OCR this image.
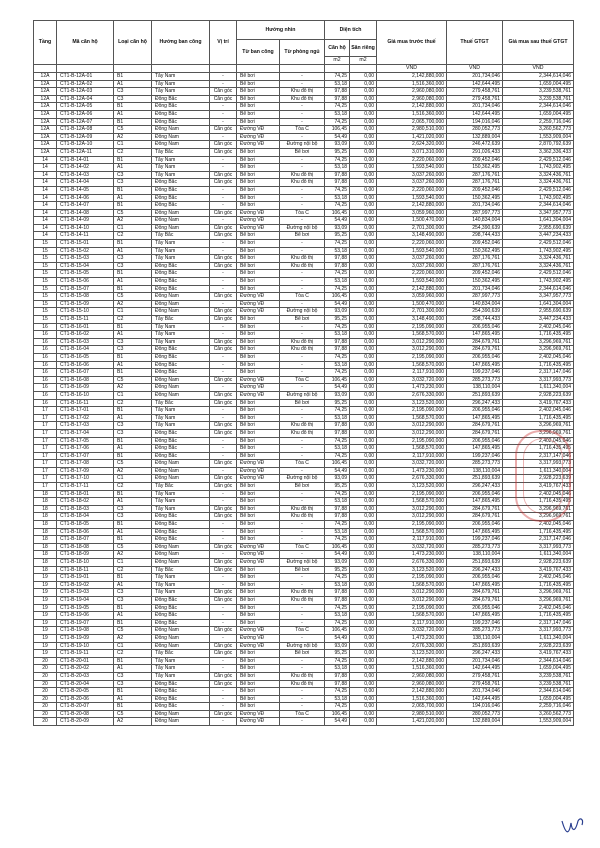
Tầng	Mã căn hộ	Loại căn hộ	Hướng ban công	Vị trí	Hướng nhìn		Diện tích		Giá mua trước thuế	Thuế GTGT	Giá mua sau thuế GTGT
					Từ ban công	Từ phòng ngủ	Căn hộ	Sân riêng			
							m2	m2			
									VND	VND	VND
12A	CT1-B-12A-01	B1	Tây Nam	-	Bể bơi	-	74,25	0,00	2,142,880,000	201,734,046	2,344,614,046
12A	CT1-B-12A-02	A1	Tây Nam	-	Bể bơi	-	53,18	0,00	1,516,360,000	142,644,495	1,659,004,495
12A	CT1-B-12A-03	C3	Tây Nam	Căn góc	Bể bơi	Khu đô thị	97,88	0,00	2,960,080,000	279,458,761	3,239,538,761
12A	CT1-B-12A-04	C3	Đông Bắc	Căn góc	Bể bơi	Khu đô thị	97,88	0,00	2,960,080,000	279,458,761	3,239,538,761
12A	CT1-B-12A-05	B1	Đông Bắc	-	Bể bơi	-	74,25	0,00	2,142,880,000	201,734,046	2,344,614,046
12A	CT1-B-12A-06	A1	Đông Bắc	-	Bể bơi	-	53,18	0,00	1,516,360,000	142,644,495	1,659,004,495
12A	CT1-B-12A-07	B1	Đông Bắc	-	Bể bơi	-	74,25	0,00	2,065,700,000	194,016,046	2,259,716,046
12A	CT1-B-12A-08	C5	Đông Nam	Căn góc	Đường VĐ	Tòa C	106,45	0,00	2,980,510,000	280,052,773	3,260,562,773
12A	CT1-B-12A-09	A2	Đông Nam	-	Đường VĐ	-	54,49	0,00	1,421,020,000	132,889,004	1,553,909,004
12A	CT1-B-12A-10	C1	Đông Nam	Căn góc	Đường VĐ	Đường nội bộ	93,09	0,00	2,624,320,000	246,472,639	2,870,792,639
12A	CT1-B-12A-11	C2	Tây Bắc	Căn góc	Bể bơi	Bể bơi	95,25	0,00	3,071,310,000	291,026,433	3,362,336,433
14	CT1-B-14-01	B1	Tây Nam	-	Bể bơi	-	74,25	0,00	2,220,060,000	209,452,046	2,429,512,046
14	CT1-B-14-02	A1	Tây Nam	-	Bể bơi	-	53,18	0,00	1,593,540,000	150,362,495	1,743,902,495
14	CT1-B-14-03	C3	Tây Nam	Căn góc	Bể bơi	Khu đô thị	97,88	0,00	3,037,260,000	287,176,761	3,324,436,761
14	CT1-B-14-04	C3	Đông Bắc	Căn góc	Bể bơi	Khu đô thị	97,88	0,00	3,037,260,000	287,176,761	3,324,436,761
14	CT1-B-14-05	B1	Đông Bắc	-	Bể bơi	-	74,25	0,00	2,220,060,000	209,452,046	2,429,512,046
14	CT1-B-14-06	A1	Đông Bắc	-	Bể bơi	-	53,18	0,00	1,593,540,000	150,362,495	1,743,902,495
14	CT1-B-14-07	B1	Đông Bắc	-	Bể bơi	-	74,25	0,00	2,142,880,000	201,734,046	2,344,614,046
14	CT1-B-14-08	C5	Đông Nam	Căn góc	Đường VĐ	Tòa C	106,45	0,00	3,059,960,000	287,997,773	3,347,957,773
14	CT1-B-14-09	A2	Đông Nam	-	Đường VĐ	-	54,49	0,00	1,500,470,000	140,834,004	1,641,304,004
14	CT1-B-14-10	C1	Đông Nam	Căn góc	Đường VĐ	Đường nội bộ	93,09	0,00	2,701,300,000	254,390,639	2,955,690,639
14	CT1-B-14-11	C2	Tây Bắc	Căn góc	Bể bơi	Bể bơi	95,25	0,00	3,148,490,000	298,744,433	3,447,234,433
15	CT1-B-15-01	B1	Tây Nam	-	Bể bơi	-	74,25	0,00	2,220,060,000	209,452,046	2,429,512,046
15	CT1-B-15-02	A1	Tây Nam	-	Bể bơi	-	53,18	0,00	1,593,540,000	150,362,495	1,743,902,495
15	CT1-B-15-03	C3	Tây Nam	Căn góc	Bể bơi	Khu đô thị	97,88	0,00	3,037,260,000	287,176,761	3,324,436,761
15	CT1-B-15-04	C3	Đông Bắc	Căn góc	Bể bơi	Khu đô thị	97,88	0,00	3,037,260,000	287,176,761	3,324,436,761
15	CT1-B-15-05	B1	Đông Bắc	-	Bể bơi	-	74,25	0,00	2,220,060,000	209,452,046	2,429,512,046
15	CT1-B-15-06	A1	Đông Bắc	-	Bể bơi	-	53,18	0,00	1,593,540,000	150,362,495	1,743,902,495
15	CT1-B-15-07	B1	Đông Bắc	-	Bể bơi	-	74,25	0,00	2,142,880,000	201,734,046	2,344,614,046
15	CT1-B-15-08	C5	Đông Nam	Căn góc	Đường VĐ	Tòa C	106,45	0,00	3,059,960,000	287,997,773	3,347,957,773
15	CT1-B-15-09	A2	Đông Nam	-	Đường VĐ	-	54,49	0,00	1,500,470,000	140,834,004	1,641,304,004
15	CT1-B-15-10	C1	Đông Nam	Căn góc	Đường VĐ	Đường nội bộ	93,09	0,00	2,701,300,000	254,390,639	2,955,690,639
15	CT1-B-15-11	C2	Tây Bắc	Căn góc	Bể bơi	Bể bơi	95,25	0,00	3,148,490,000	298,744,433	3,447,234,433
16	CT1-B-16-01	B1	Tây Nam	-	Bể bơi	-	74,25	0,00	2,195,090,000	206,955,046	2,402,045,046
16	CT1-B-16-02	A1	Tây Nam	-	Bể bơi	-	53,18	0,00	1,568,570,000	147,865,495	1,716,435,495
16	CT1-B-16-03	C3	Tây Nam	Căn góc	Bể bơi	Khu đô thị	97,88	0,00	3,012,290,000	284,679,761	3,296,969,761
16	CT1-B-16-04	C3	Đông Bắc	Căn góc	Bể bơi	Khu đô thị	97,88	0,00	3,012,290,000	284,679,761	3,296,969,761
16	CT1-B-16-05	B1	Đông Bắc	-	Bể bơi	-	74,25	0,00	2,195,090,000	206,955,046	2,402,045,046
16	CT1-B-16-06	A1	Đông Bắc	-	Bể bơi	-	53,18	0,00	1,568,570,000	147,865,495	1,716,435,495
16	CT1-B-16-07	B1	Đông Bắc	-	Bể bơi	-	74,25	0,00	2,117,910,000	199,237,046	2,317,147,046
16	CT1-B-16-08	C5	Đông Nam	Căn góc	Đường VĐ	Tòa C	106,45	0,00	3,032,720,000	285,273,773	3,317,993,773
16	CT1-B-16-09	A2	Đông Nam	-	Đường VĐ	-	54,49	0,00	1,473,230,000	138,110,004	1,611,340,004
16	CT1-B-16-10	C1	Đông Nam	Căn góc	Đường VĐ	Đường nội bộ	93,09	0,00	2,676,330,000	251,893,639	2,928,223,639
16	CT1-B-16-11	C2	Tây Bắc	Căn góc	Bể bơi	Bể bơi	95,25	0,00	3,123,520,000	296,247,433	3,419,767,433
17	CT1-B-17-01	B1	Tây Nam	-	Bể bơi	-	74,25	0,00	2,195,090,000	206,955,046	2,402,045,046
17	CT1-B-17-02	A1	Tây Nam	-	Bể bơi	-	53,18	0,00	1,568,570,000	147,865,495	1,716,435,495
17	CT1-B-17-03	C3	Tây Nam	Căn góc	Bể bơi	Khu đô thị	97,88	0,00	3,012,290,000	284,679,761	3,296,969,761
17	CT1-B-17-04	C3	Đông Bắc	Căn góc	Bể bơi	Khu đô thị	97,88	0,00	3,012,290,000	284,679,761	3,296,969,761
17	CT1-B-17-05	B1	Đông Bắc	-	Bể bơi	-	74,25	0,00	2,195,090,000	206,955,046	2,402,045,046
17	CT1-B-17-06	A1	Đông Bắc	-	Bể bơi	-	53,18	0,00	1,568,570,000	147,865,495	1,716,435,495
17	CT1-B-17-07	B1	Đông Bắc	-	Bể bơi	-	74,25	0,00	2,117,910,000	199,237,046	2,317,147,046
17	CT1-B-17-08	C5	Đông Nam	Căn góc	Đường VĐ	Tòa C	106,45	0,00	3,032,720,000	285,273,773	3,317,993,773
17	CT1-B-17-09	A2	Đông Nam	-	Đường VĐ	-	54,49	0,00	1,473,230,000	138,110,004	1,611,340,004
17	CT1-B-17-10	C1	Đông Nam	Căn góc	Đường VĐ	Đường nội bộ	93,09	0,00	2,676,330,000	251,893,639	2,928,223,639
17	CT1-B-17-11	C2	Tây Bắc	Căn góc	Bể bơi	Bể bơi	95,25	0,00	3,123,520,000	296,247,433	3,419,767,433
18	CT1-B-18-01	B1	Tây Nam	-	Bể bơi	-	74,25	0,00	2,195,090,000	206,955,046	2,402,045,046
18	CT1-B-18-02	A1	Tây Nam	-	Bể bơi	-	53,18	0,00	1,568,570,000	147,865,495	1,716,435,495
18	CT1-B-18-03	C3	Tây Nam	Căn góc	Bể bơi	Khu đô thị	97,88	0,00	3,012,290,000	284,679,761	3,296,969,761
18	CT1-B-18-04	C3	Đông Bắc	Căn góc	Bể bơi	Khu đô thị	97,88	0,00	3,012,290,000	284,679,761	3,296,969,761
18	CT1-B-18-05	B1	Đông Bắc	-	Bể bơi	-	74,25	0,00	2,195,090,000	206,955,046	2,402,045,046
18	CT1-B-18-06	A1	Đông Bắc	-	Bể bơi	-	53,18	0,00	1,568,570,000	147,865,495	1,716,435,495
18	CT1-B-18-07	B1	Đông Bắc	-	Bể bơi	-	74,25	0,00	2,117,910,000	199,237,046	2,317,147,046
18	CT1-B-18-08	C5	Đông Nam	Căn góc	Đường VĐ	Tòa C	106,45	0,00	3,032,720,000	285,273,773	3,317,993,773
18	CT1-B-18-09	A2	Đông Nam	-	Đường VĐ	-	54,49	0,00	1,473,230,000	138,110,004	1,611,340,004
18	CT1-B-18-10	C1	Đông Nam	Căn góc	Đường VĐ	Đường nội bộ	93,09	0,00	2,676,330,000	251,893,639	2,928,223,639
18	CT1-B-18-11	C2	Tây Bắc	Căn góc	Bể bơi	Bể bơi	95,25	0,00	3,123,520,000	296,247,433	3,419,767,433
19	CT1-B-19-01	B1	Tây Nam	-	Bể bơi	-	74,25	0,00	2,195,090,000	206,955,046	2,402,045,046
19	CT1-B-19-02	A1	Tây Nam	-	Bể bơi	-	53,18	0,00	1,568,570,000	147,865,495	1,716,435,495
19	CT1-B-19-03	C3	Tây Nam	Căn góc	Bể bơi	Khu đô thị	97,88	0,00	3,012,290,000	284,679,761	3,296,969,761
19	CT1-B-19-04	C3	Đông Bắc	Căn góc	Bể bơi	Khu đô thị	97,88	0,00	3,012,290,000	284,679,761	3,296,969,761
19	CT1-B-19-05	B1	Đông Bắc	-	Bể bơi	-	74,25	0,00	2,195,090,000	206,955,046	2,402,045,046
19	CT1-B-19-06	A1	Đông Bắc	-	Bể bơi	-	53,18	0,00	1,568,570,000	147,865,495	1,716,435,495
19	CT1-B-19-07	B1	Đông Bắc	-	Bể bơi	-	74,25	0,00	2,117,910,000	199,237,046	2,317,147,046
19	CT1-B-19-08	C5	Đông Nam	Căn góc	Đường VĐ	Tòa C	106,45	0,00	3,032,720,000	285,273,773	3,317,993,773
19	CT1-B-19-09	A2	Đông Nam	-	Đường VĐ	-	54,49	0,00	1,473,230,000	138,110,004	1,611,340,004
19	CT1-B-19-10	C1	Đông Nam	Căn góc	Đường VĐ	Đường nội bộ	93,09	0,00	2,676,330,000	251,893,639	2,928,223,639
19	CT1-B-19-11	C2	Tây Bắc	Căn góc	Bể bơi	Bể bơi	95,25	0,00	3,123,520,000	296,247,433	3,419,767,433
20	CT1-B-20-01	B1	Tây Nam	-	Bể bơi	-	74,25	0,00	2,142,880,000	201,734,046	2,344,614,046
20	CT1-B-20-02	A1	Tây Nam	-	Bể bơi	-	53,18	0,00	1,516,360,000	142,644,495	1,659,004,495
20	CT1-B-20-03	C3	Tây Nam	Căn góc	Bể bơi	Khu đô thị	97,88	0,00	2,960,080,000	279,458,761	3,239,538,761
20	CT1-B-20-04	C3	Đông Bắc	Căn góc	Bể bơi	Khu đô thị	97,88	0,00	2,960,080,000	279,458,761	3,239,538,761
20	CT1-B-20-05	B1	Đông Bắc	-	Bể bơi	-	74,25	0,00	2,142,880,000	201,734,046	2,344,614,046
20	CT1-B-20-06	A1	Đông Bắc	-	Bể bơi	-	53,18	0,00	1,516,360,000	142,644,495	1,659,004,495
20	CT1-B-20-07	B1	Đông Bắc	-	Bể bơi	-	74,25	0,00	2,065,700,000	194,016,046	2,259,716,046
20	CT1-B-20-08	C5	Đông Nam	Căn góc	Đường VĐ	Tòa C	106,45	0,00	2,980,510,000	280,052,773	3,260,562,773
20	CT1-B-20-09	A2	Đông Nam	-	Đường VĐ	-	54,49	0,00	1,421,020,000	132,889,004	1,553,909,004
